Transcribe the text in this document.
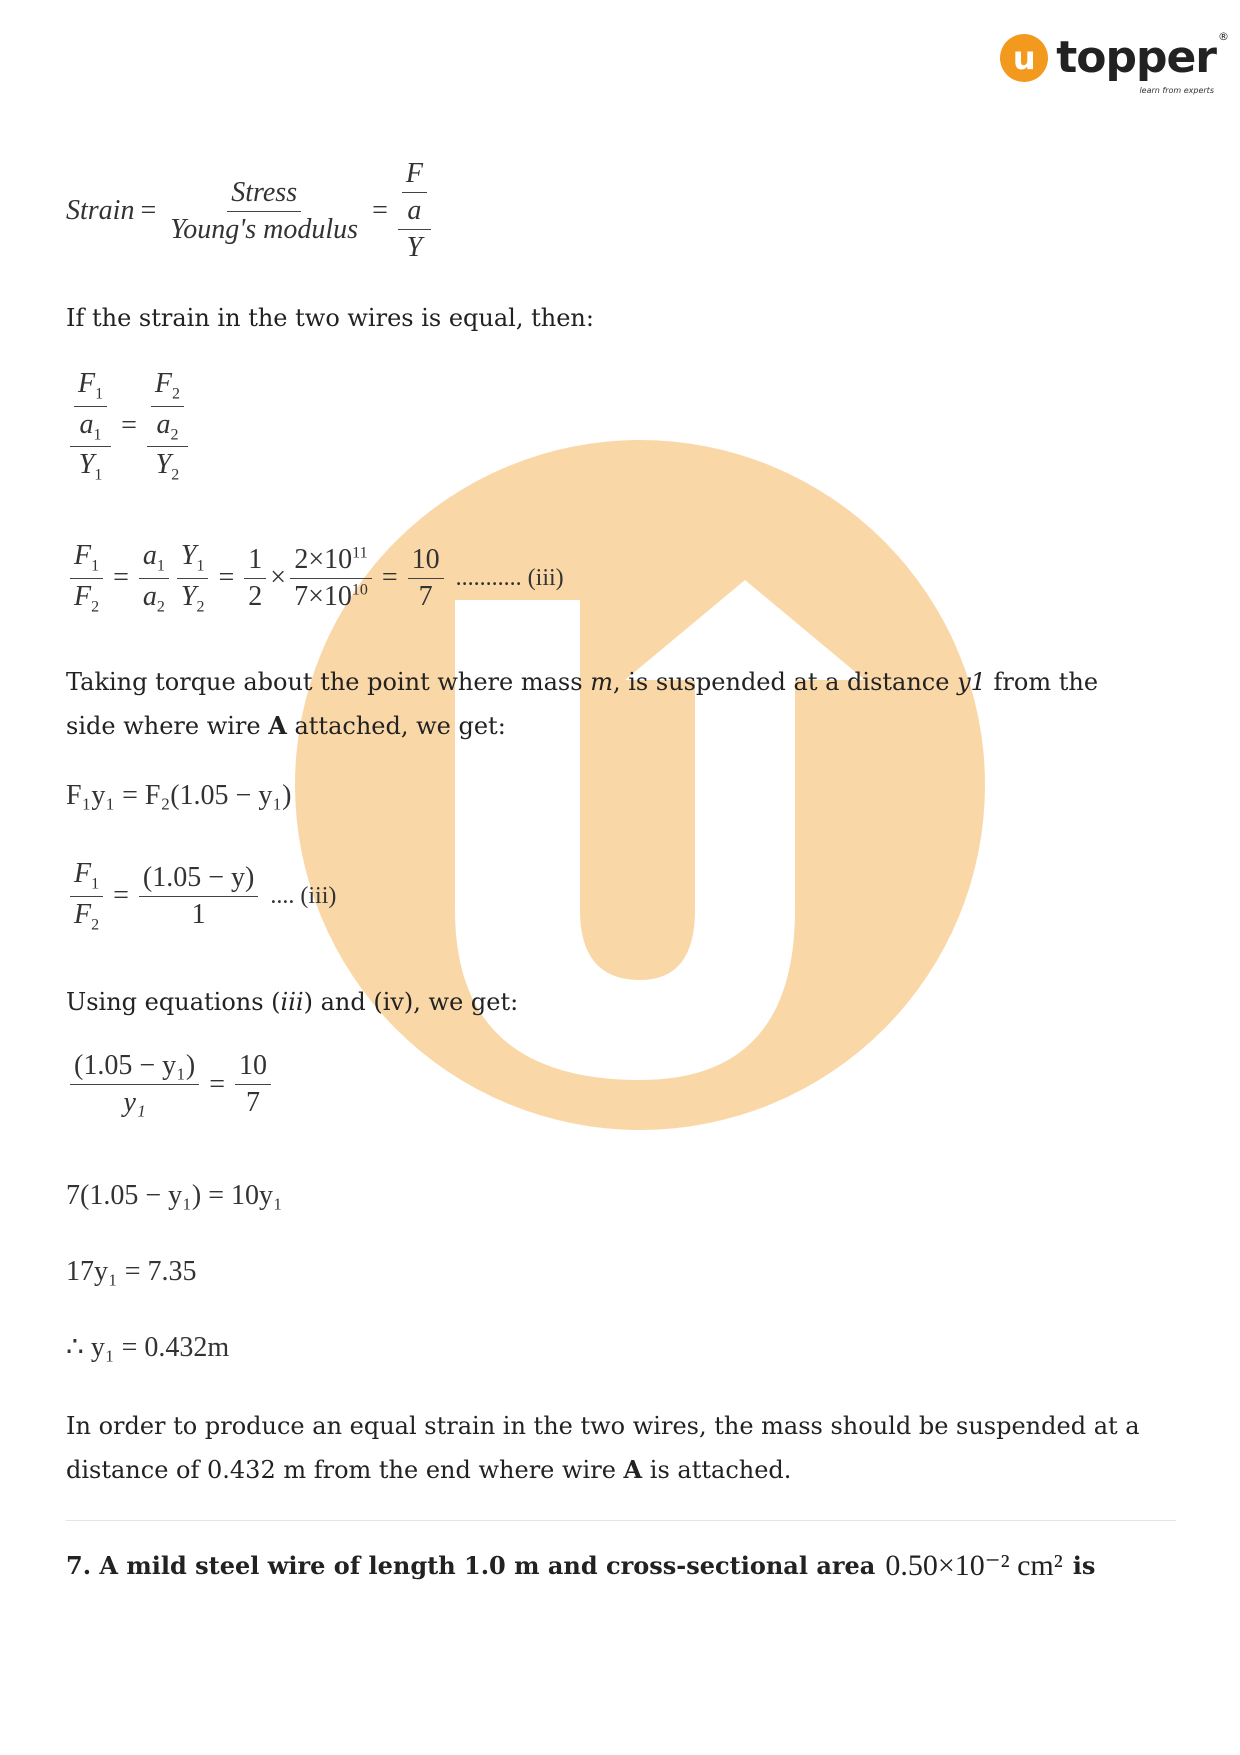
u topper ®
learn from experts
Strain = $\frac{\text{Stress}}{\text{Young's modulus}} = \frac{\frac{F}{a}}{Y}$
If the strain in the two wires is equal, then:
$\frac{\frac{F_1}{a_1}}{Y_1} = \frac{\frac{F_2}{a_2}}{Y_2}$
$\frac{F_1}{F_2} = \frac{a_1}{a_2} \frac{Y_1}{Y_2} = \frac{1}{2} \times \frac{2\times 10^{11}}{7\times 10^{10}} = \frac{10}{7}$ ........... (iii)
Taking torque about the point where mass m, is suspended at a distance y1 from the side where wire A attached, we get:
F₁y₁ = F₂(1.05 − y₁)
$\frac{F_1}{F_2} = \frac{(1.05 - y)}{1}$ .... (iii)
Using equations (iii) and (iv), we get:
$\frac{\text{(1.05 − y₁)}}{\text{y₁}} = \frac{10}{7}$
7(1.05 − y₁) = 10y₁
17y₁ = 7.35
∴ y₁ = 0.432m
In order to produce an equal strain in the two wires, the mass should be suspended at a distance of 0.432 m from the end where wire A is attached.
7. A mild steel wire of length 1.0 m and cross-sectional area 0.50×10⁻² cm² is
